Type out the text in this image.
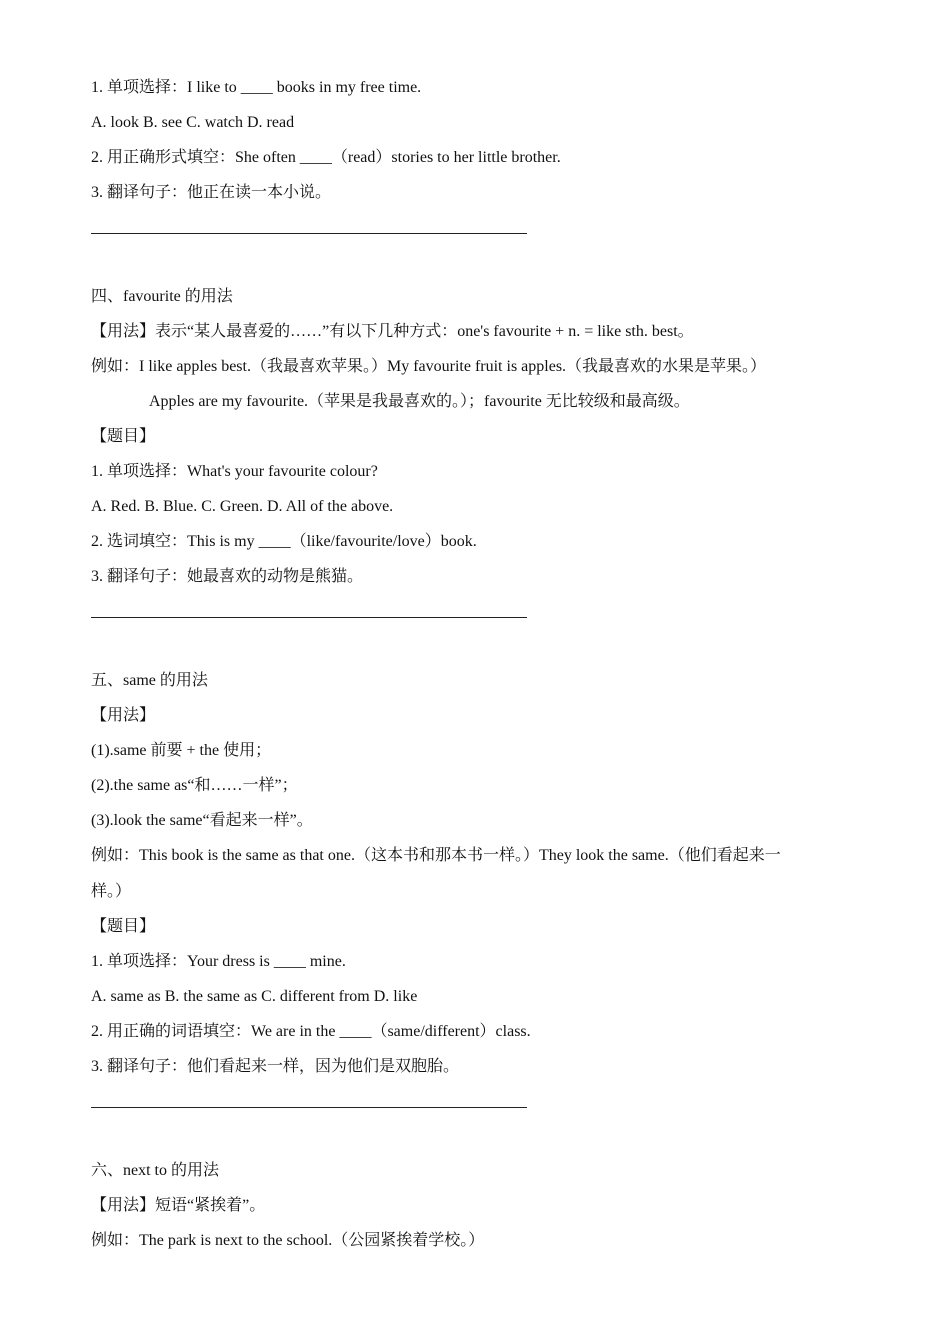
1. 单项选择：I like to ____ books in my free time.
A. look B. see C. watch D. read
2. 用正确形式填空：She often ____（read）stories to her little brother.
3. 翻译句子：他正在读一本小说。
四、favourite 的用法
【用法】表示“某人最喜爱的……”有以下几种方式：one's favourite + n. = like sth. best。
例如：I like apples best.（我最喜欢苹果。）My favourite fruit is apples.（我最喜欢的水果是苹果。）
Apples are my favourite.（苹果是我最喜欢的。）；favourite 无比较级和最高级。
【题目】
1. 单项选择：What's your favourite colour?
A. Red. B. Blue. C. Green. D. All of the above.
2. 选词填空：This is my ____（like/favourite/love）book.
3. 翻译句子：她最喜欢的动物是熊猫。
五、same 的用法
【用法】
(1).same 前要 + the 使用；
(2).the same as“和……一样”；
(3).look the same“看起来一样”。
例如：This book is the same as that one.（这本书和那本书一样。）They look the same.（他们看起来一
样。）
【题目】
1. 单项选择：Your dress is ____ mine.
A. same as B. the same as C. different from D. like
2. 用正确的词语填空：We are in the ____（same/different）class.
3. 翻译句子：他们看起来一样，因为他们是双胞胎。
六、next to 的用法
【用法】短语“紧挨着”。
例如：The park is next to the school.（公园紧挨着学校。）
